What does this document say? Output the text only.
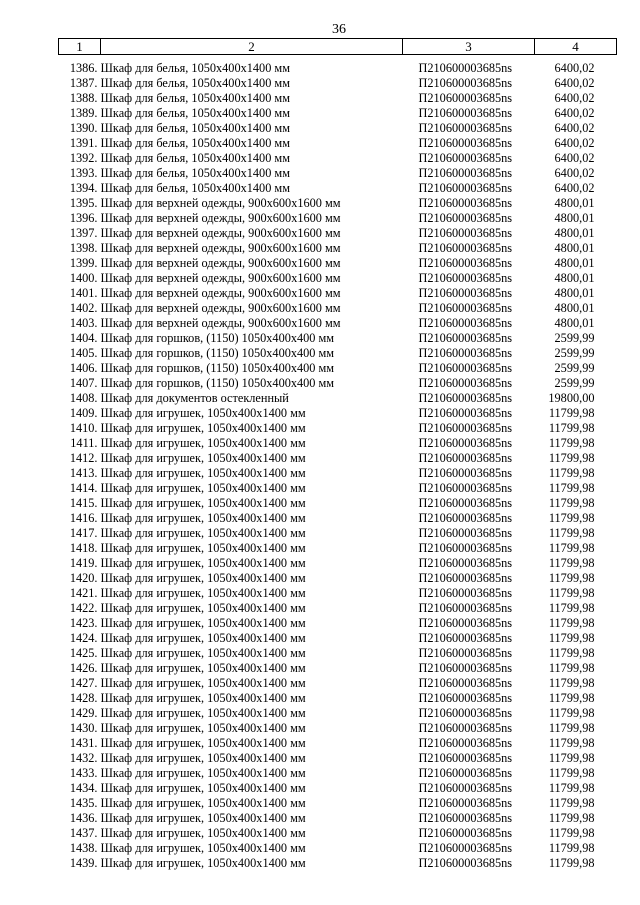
36
1	2	3	4
1386.	Шкаф для белья, 1050х400х1400 мм	П210600003685ns	6400,02
1387.	Шкаф для белья, 1050х400х1400 мм	П210600003685ns	6400,02
1388.	Шкаф для белья, 1050х400х1400 мм	П210600003685ns	6400,02
1389.	Шкаф для белья, 1050х400х1400 мм	П210600003685ns	6400,02
1390.	Шкаф для белья, 1050х400х1400 мм	П210600003685ns	6400,02
1391.	Шкаф для белья, 1050х400х1400 мм	П210600003685ns	6400,02
1392.	Шкаф для белья, 1050х400х1400 мм	П210600003685ns	6400,02
1393.	Шкаф для белья, 1050х400х1400 мм	П210600003685ns	6400,02
1394.	Шкаф для белья, 1050х400х1400 мм	П210600003685ns	6400,02
1395.	Шкаф для верхней одежды, 900х600х1600 мм	П210600003685ns	4800,01
1396.	Шкаф для верхней одежды, 900х600х1600 мм	П210600003685ns	4800,01
1397.	Шкаф для верхней одежды, 900х600х1600 мм	П210600003685ns	4800,01
1398.	Шкаф для верхней одежды, 900х600х1600 мм	П210600003685ns	4800,01
1399.	Шкаф для верхней одежды, 900х600х1600 мм	П210600003685ns	4800,01
1400.	Шкаф для верхней одежды, 900х600х1600 мм	П210600003685ns	4800,01
1401.	Шкаф для верхней одежды, 900х600х1600 мм	П210600003685ns	4800,01
1402.	Шкаф для верхней одежды, 900х600х1600 мм	П210600003685ns	4800,01
1403.	Шкаф для верхней одежды, 900х600х1600 мм	П210600003685ns	4800,01
1404.	Шкаф для горшков, (1150) 1050х400х400 мм	П210600003685ns	2599,99
1405.	Шкаф для горшков, (1150) 1050х400х400 мм	П210600003685ns	2599,99
1406.	Шкаф для горшков, (1150) 1050х400х400 мм	П210600003685ns	2599,99
1407.	Шкаф для горшков, (1150) 1050х400х400 мм	П210600003685ns	2599,99
1408.	Шкаф для документов остекленный	П210600003685ns	19800,00
1409.	Шкаф для игрушек, 1050х400х1400 мм	П210600003685ns	11799,98
1410.	Шкаф для игрушек, 1050х400х1400 мм	П210600003685ns	11799,98
1411.	Шкаф для игрушек, 1050х400х1400 мм	П210600003685ns	11799,98
1412.	Шкаф для игрушек, 1050х400х1400 мм	П210600003685ns	11799,98
1413.	Шкаф для игрушек, 1050х400х1400 мм	П210600003685ns	11799,98
1414.	Шкаф для игрушек, 1050х400х1400 мм	П210600003685ns	11799,98
1415.	Шкаф для игрушек, 1050х400х1400 мм	П210600003685ns	11799,98
1416.	Шкаф для игрушек, 1050х400х1400 мм	П210600003685ns	11799,98
1417.	Шкаф для игрушек, 1050х400х1400 мм	П210600003685ns	11799,98
1418.	Шкаф для игрушек, 1050х400х1400 мм	П210600003685ns	11799,98
1419.	Шкаф для игрушек, 1050х400х1400 мм	П210600003685ns	11799,98
1420.	Шкаф для игрушек, 1050х400х1400 мм	П210600003685ns	11799,98
1421.	Шкаф для игрушек, 1050х400х1400 мм	П210600003685ns	11799,98
1422.	Шкаф для игрушек, 1050х400х1400 мм	П210600003685ns	11799,98
1423.	Шкаф для игрушек, 1050х400х1400 мм	П210600003685ns	11799,98
1424.	Шкаф для игрушек, 1050х400х1400 мм	П210600003685ns	11799,98
1425.	Шкаф для игрушек, 1050х400х1400 мм	П210600003685ns	11799,98
1426.	Шкаф для игрушек, 1050х400х1400 мм	П210600003685ns	11799,98
1427.	Шкаф для игрушек, 1050х400х1400 мм	П210600003685ns	11799,98
1428.	Шкаф для игрушек, 1050х400х1400 мм	П210600003685ns	11799,98
1429.	Шкаф для игрушек, 1050х400х1400 мм	П210600003685ns	11799,98
1430.	Шкаф для игрушек, 1050х400х1400 мм	П210600003685ns	11799,98
1431.	Шкаф для игрушек, 1050х400х1400 мм	П210600003685ns	11799,98
1432.	Шкаф для игрушек, 1050х400х1400 мм	П210600003685ns	11799,98
1433.	Шкаф для игрушек, 1050х400х1400 мм	П210600003685ns	11799,98
1434.	Шкаф для игрушек, 1050х400х1400 мм	П210600003685ns	11799,98
1435.	Шкаф для игрушек, 1050х400х1400 мм	П210600003685ns	11799,98
1436.	Шкаф для игрушек, 1050х400х1400 мм	П210600003685ns	11799,98
1437.	Шкаф для игрушек, 1050х400х1400 мм	П210600003685ns	11799,98
1438.	Шкаф для игрушек, 1050х400х1400 мм	П210600003685ns	11799,98
1439.	Шкаф для игрушек, 1050х400х1400 мм	П210600003685ns	11799,98
